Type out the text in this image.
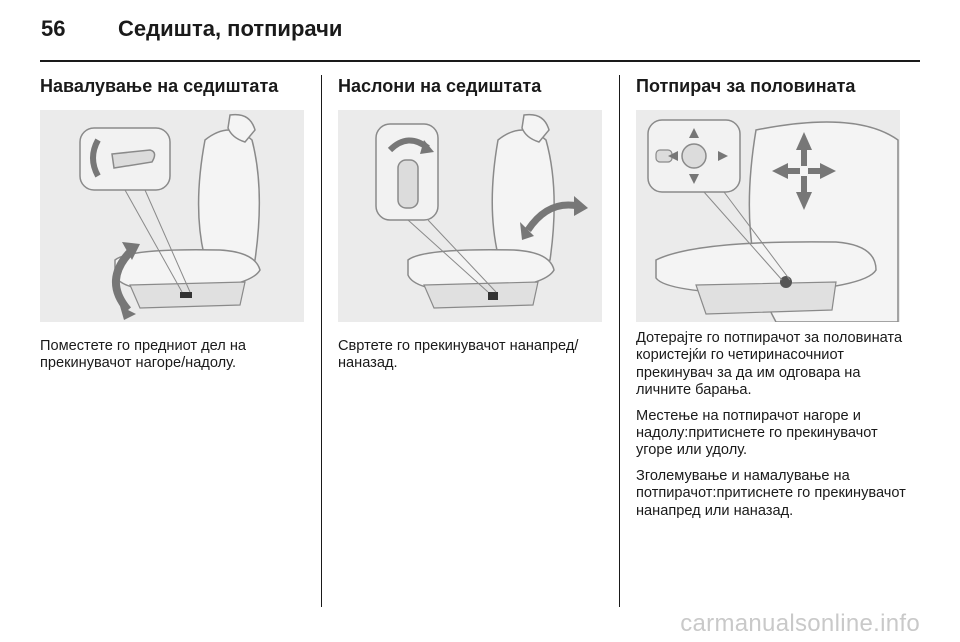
56 Седишта, потпирачи
Навалување на седиштата

Поместете го предниот дел на прекинувачот нагоре/надолу.

Наслони на седиштата

Свртете го прекинувачот нанапред/наназад.

Потпирач за половината

Дотерајте го потпирачот за половината користејќи го четиринасочниот прекинувач за да им одговара на личните барања.

Местење на потпирачот нагоре и надолу:притиснете го прекинувачот угоре или удолу.

Зголемување и намалување на потпирачот:притиснете го прекинувачот нанапред или наназад.

carmanualsonline.info
